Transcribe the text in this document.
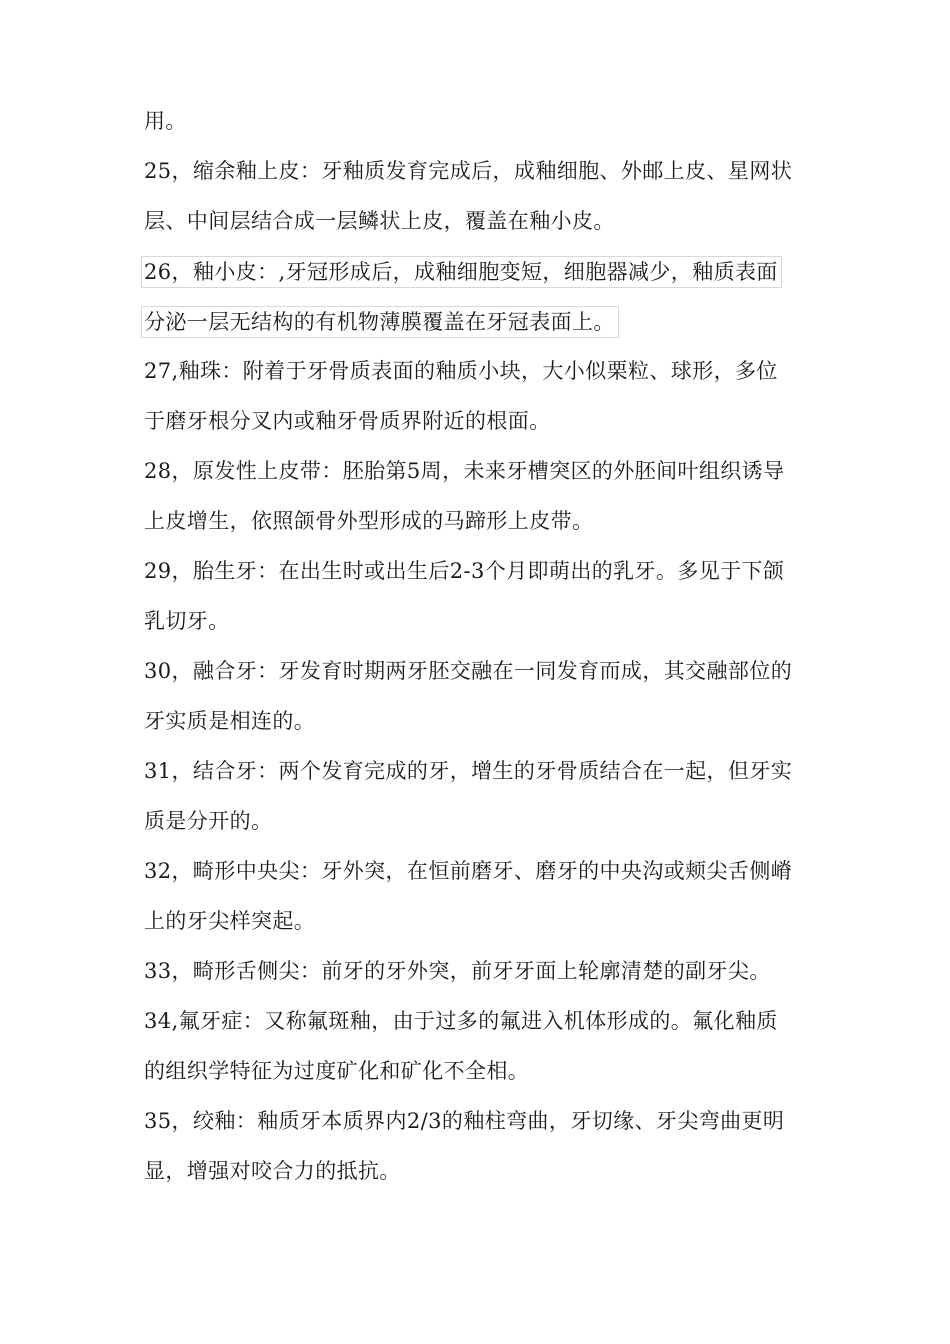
用。
25，缩余釉上皮：牙釉质发育完成后，成釉细胞、外邮上皮、星网状
层、中间层结合成一层鳞状上皮，覆盖在釉小皮。
26，釉小皮：,牙冠形成后，成釉细胞变短，细胞器减少，釉质表面
分泌一层无结构的有机物薄膜覆盖在牙冠表面上。
27,釉珠：附着于牙骨质表面的釉质小块，大小似栗粒、球形，多位
于磨牙根分叉内或釉牙骨质界附近的根面。
28，原发性上皮带：胚胎第5周，未来牙槽突区的外胚间叶组织诱导
上皮增生，依照颌骨外型形成的马蹄形上皮带。
29，胎生牙：在出生时或出生后2-3个月即萌出的乳牙。多见于下颌
乳切牙。
30，融合牙：牙发育时期两牙胚交融在一同发育而成，其交融部位的
牙实质是相连的。
31，结合牙：两个发育完成的牙，增生的牙骨质结合在一起，但牙实
质是分开的。
32，畸形中央尖：牙外突，在恒前磨牙、磨牙的中央沟或颊尖舌侧嵴
上的牙尖样突起。
33，畸形舌侧尖：前牙的牙外突，前牙牙面上轮廓清楚的副牙尖。
34,氟牙症：又称氟斑釉，由于过多的氟进入机体形成的。氟化釉质
的组织学特征为过度矿化和矿化不全相。
35，绞釉：釉质牙本质界内2/3的釉柱弯曲，牙切缘、牙尖弯曲更明
显，增强对咬合力的抵抗。
